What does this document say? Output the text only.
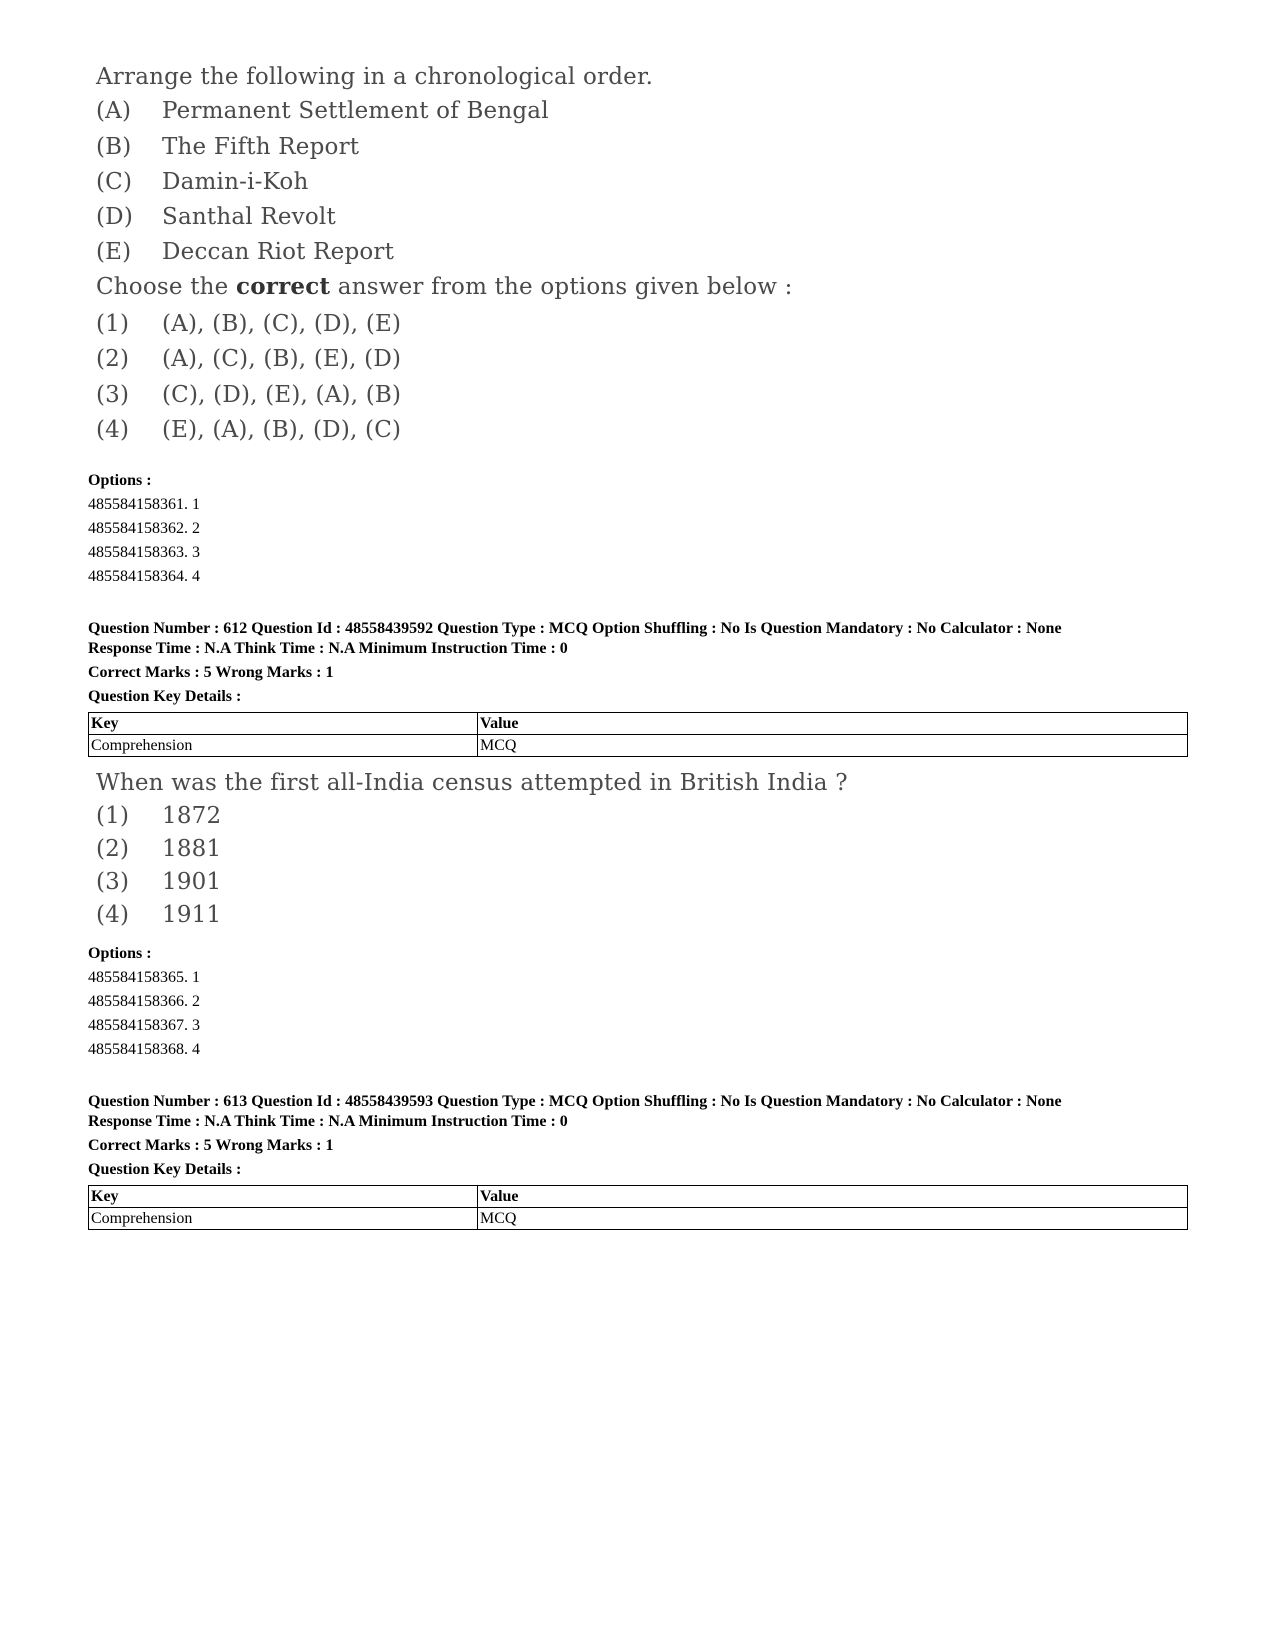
Arrange the following in a chronological order.
(A) Permanent Settlement of Bengal
(B) The Fifth Report
(C) Damin-i-Koh
(D) Santhal Revolt
(E) Deccan Riot Report
Choose the correct answer from the options given below :
(1) (A), (B), (C), (D), (E)
(2) (A), (C), (B), (E), (D)
(3) (C), (D), (E), (A), (B)
(4) (E), (A), (B), (D), (C)
Options :
485584158361. 1
485584158362. 2
485584158363. 3
485584158364. 4
Question Number : 612 Question Id : 48558439592 Question Type : MCQ Option Shuffling : No Is Question Mandatory : No Calculator : None
Response Time : N.A Think Time : N.A Minimum Instruction Time : 0
Correct Marks : 5 Wrong Marks : 1
Question Key Details :
Key	Value
Comprehension	MCQ
When was the first all-India census attempted in British India ?
(1) 1872
(2) 1881
(3) 1901
(4) 1911
Options :
485584158365. 1
485584158366. 2
485584158367. 3
485584158368. 4
Question Number : 613 Question Id : 48558439593 Question Type : MCQ Option Shuffling : No Is Question Mandatory : No Calculator : None
Response Time : N.A Think Time : N.A Minimum Instruction Time : 0
Correct Marks : 5 Wrong Marks : 1
Question Key Details :
Key	Value
Comprehension	MCQ
